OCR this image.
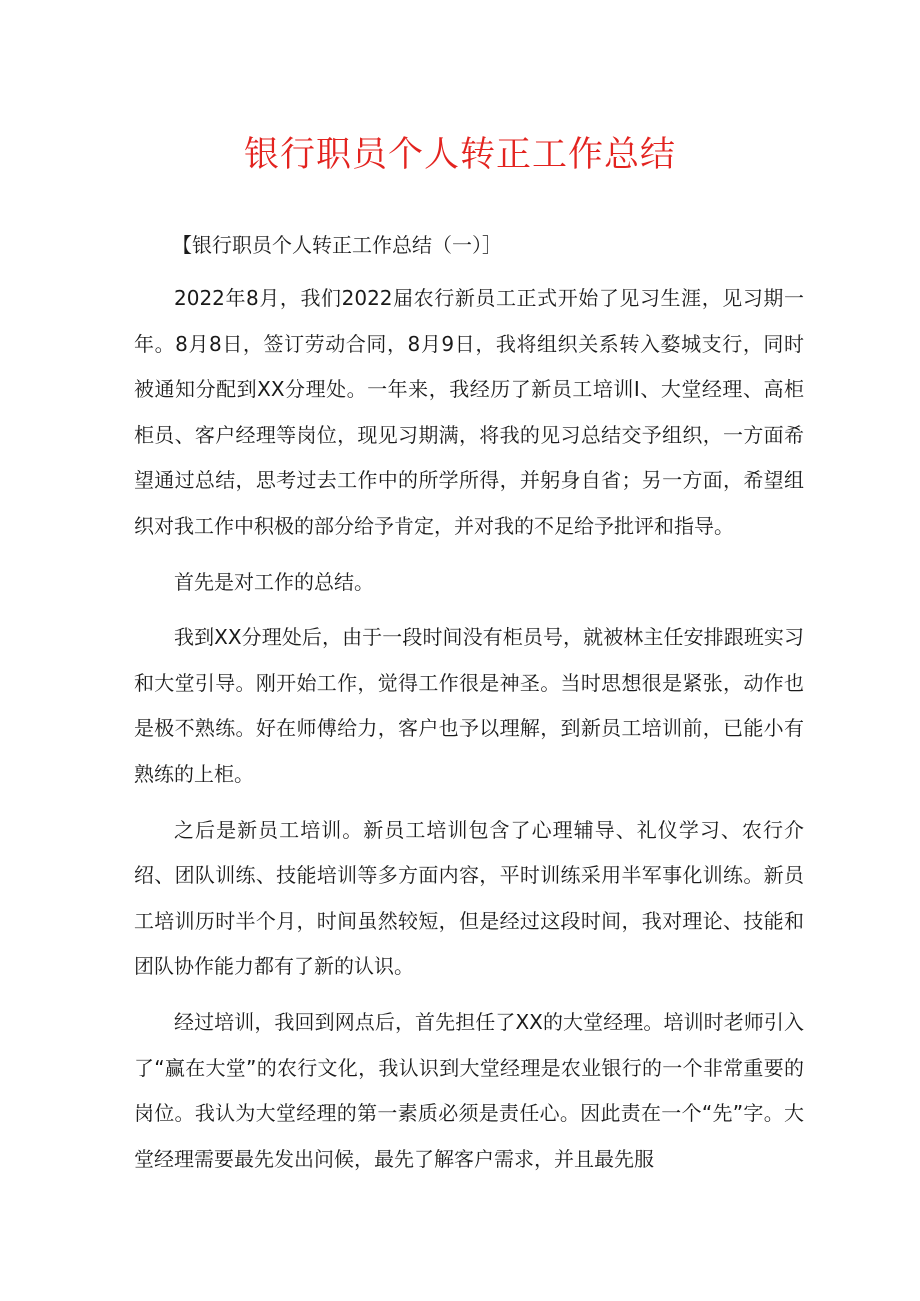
银行职员个人转正工作总结

【银行职员个人转正工作总结（一）］

2022年8月，我们2022届农行新员工正式开始了见习生涯，见习期一年。8月8日，签订劳动合同，8月9日，我将组织关系转入婺城支行，同时被通知分配到XX分理处。一年来，我经历了新员工培训I、大堂经理、高柜柜员、客户经理等岗位，现见习期满，将我的见习总结交予组织，一方面希望通过总结，思考过去工作中的所学所得，并躬身自省；另一方面，希望组织对我工作中积极的部分给予肯定，并对我的不足给予批评和指导。

首先是对工作的总结。

我到XX分理处后，由于一段时间没有柜员号，就被林主任安排跟班实习和大堂引导。刚开始工作，觉得工作很是神圣。当时思想很是紧张，动作也是极不熟练。好在师傅给力，客户也予以理解，到新员工培训前，已能小有熟练的上柜。

之后是新员工培训。新员工培训包含了心理辅导、礼仪学习、农行介绍、团队训练、技能培训等多方面内容，平时训练采用半军事化训练。新员工培训历时半个月，时间虽然较短，但是经过这段时间，我对理论、技能和团队协作能力都有了新的认识。

经过培训，我回到网点后，首先担任了XX的大堂经理。培训时老师引入了“赢在大堂”的农行文化，我认识到大堂经理是农业银行的一个非常重要的岗位。我认为大堂经理的第一素质必须是责任心。因此责在一个“先”字。大堂经理需要最先发出问候，最先了解客户需求，并且最先服
